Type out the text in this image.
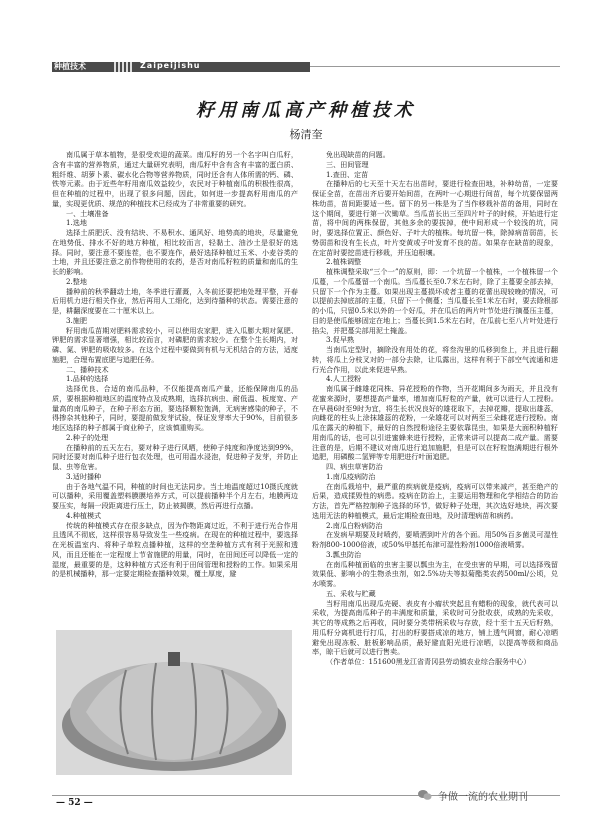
种植技术	Zaipeijishu
籽用南瓜高产种植技术
杨清奎

南瓜属于草本植物，是很受欢迎的蔬菜。南瓜籽的另一个名字叫白瓜籽，含有丰富的营养物质，通过大量研究表明，南瓜籽中含有含有丰富的蛋白质、粗纤维、胡萝卜素、碳水化合物等营养物质，同时还含有人体所需的钙、磷、铁等元素。由于近些年籽用南瓜效益较少，农民对于种植南瓜的积极性很高，但在种植的过程中，出现了很多问题，因此，如何进一步提高籽用南瓜的产量，实现更优质、规范的种植技术已经成为了非常重要的研究。

一、土壤准备

1.选地

选择土质肥沃、没有结块、不易积水、通风好、地势高的地块，尽量避免在地势低、排水不好的地方种植，相比较而言，轻黏土、油沙土是很好的选择。同时，要注意不要连茬，也不要连作，最好选择种植过玉米、小麦谷类的土地，并且还要注意之前作物使用的农药，是否对南瓜籽粒的质量和南瓜的生长的影响。

2.整地

播种前的秋季翻动土地，冬季进行灌溉，入冬前还要把地处理平整，开春后用机力进行相关作业，然后再用人工细化，达到待播种的状态。需要注意的是，耕翻深度要在二十厘米以上。

3.施肥

籽用南瓜苗期对肥料需求较小，可以使用农家肥，进入瓜膨大期对氮肥、钾肥的需求显著增强，相比较而言，对磷肥的需求较少。在整个生长期内，对磷、氮、钾肥的吸收较多。在这个过程中要做到有机与无机结合的方法，适度施肥，合理布置底肥与追肥任务。

二、播种技术

1.品种的选择

选择优良、合适的南瓜品种，不仅能提高南瓜产量，还能保障南瓜的品质，要根据种植地区的温度特点及成熟期，选择抗病虫、耐低温、板度宽、产量高的南瓜种子，在种子形态方面，要选择颗粒饱满，无病害感染的种子，不得掺杂其他种子，同时，要提前做发芽试验，保证发芽率大于90%，目前很多地区选择的种子都属于商业种子，应该慎重购买。

2.种子的处理

在播种前的五天左右，要对种子进行风晒，使种子纯度和净度达到99%，同时还要对南瓜种子进行包衣处理，也可用温水浸泡，促进种子发芽，并防止鼠、虫等危害。

3.适时播种

由于各地气温不同，种植的时间也无法同步。当土地温度超过10摄氏度就可以播种，采用覆盖塑料膜膜培养方式，可以提前播种半个月左右，地膜两边要压实，每隔一段距离进行压土，防止被揭膜，然后再进行点播。

4.种植模式

传统的种植模式存在很多缺点，因为作物距离过近，不利于进行光合作用且透风不彻底，这样很容易导致发生一些疫病。在现在的种植过程中，要选择在光板温室内、将种子单粒点播种植，这样的空垄种植方式有利于光照和透风，而且还能在一定程度上节省施肥的用量，同时，在田间还可以降低一定的湿度，最重要的是，这种种植方式还有利于田间管理和授粉的工作。如果采用的是机械播种，那一定要定期检查播种效果，覆土厚度，避

免出现缺苗的问题。

三、田间管理

1.查田、定苗

在播种后的七天至十天左右出苗时，要进行检查田地，补种幼苗，一定要保证全苗，在苗出齐后要开始间苗，在两叶一心期进行间苗，每个坑要保留两株幼苗，苗间距要适一些。留下的另一株是为了当作移栽补苗的备用，同时在这个期间，要进行第一次锄草。当瓜苗长出三至四片叶子的时候，开始进行定苗，将中间的两株保留，其他多余的要拔掉，使中间形成一个较浅的坑，同时，要选择位置正、颜色好、子叶大的植株。每坑留一株，除掉病苗弱苗，长势弱苗和没有生长点，叶片变黄或子叶发育不良的苗。如果存在缺苗的现象，在定苗时要挖苗进行移栽，并压迫根壤。

2.植株调整

植株调整采取“三个一”的原则，即：一个坑留一个植株，一个植株留一个瓜蔓，一个瓜蔓留一个南瓜。当瓜蔓长至0.7米左右时，除了主蔓要全部去掉，只留下一个作为主蔓。如果出现主蔓损坏或者主蔓的花蕾出现较晚的情况，可以提前去掉底部的主蔓，只留下一个侧蔓；当瓜蔓长至1米左右时，要去除根部的小瓜，只留0.5米以外的一个好瓜，并在瓜后的两片叶节处进行摘蔓压主蔓，目的是使瓜能够固定在地上；当蔓长到1.5米左右时，在瓜前七至八片叶处进行掐尖，并把蔓尖部用泥土掩盖。

3.促早熟

当南瓜定型时，摘除没有用处的花，将叁沟里的瓜移到叁上，并且进行翻转，将瓜上分枝叉对的一部分去除，让瓜露出，这样有利于下部空气流通和进行光合作用，以此来促进早熟。

4.人工授粉

南瓜属于雌雄花同株、异花授粉的作物，当开花期间多为雨天，并且没有花蜜来源时，要想提高产量率，增加南瓜籽粒的产量，就可以进行人工授粉。在早晨6时至9时为宜，将生长状况良好的雄花取下，去掉花瓣，提取出雄蕊，向雌花的柱头上涂抹雄蕊的花粉，一朵雄花可以对两至三朵雌花进行授粉。南瓜在露天的种植下，最好的自然授粉途径主要依靠昆虫，如果是大面积种植籽用南瓜的话，也可以引进蜜蜂来进行授粉，正常来讲可以提高二成产量。需要注意的是，后期不建议对南瓜进行追加施肥，但是可以在籽粒饱满期进行根外追肥，用磷酸二氢钾等专用肥进行叶面追肥。

四、病虫草害防治

1.南瓜疫病防治

在南瓜栽培中，最严重的疾病就是疫病，疫病可以带来减产，甚至绝产的后果，造成揉毁性的病患。疫病在防治上，主要运用物理和化学相结合的防治方法，首先严格控制种子选择的环节，做好种子处理，其次选好地块，再次要选用无法的种植模式，最后定期检查田地，及时清理病苗和病药。

2.南瓜白粉病防治

在发病早期要及时喷药，要喷洒到叶片的各个面。用50%百多菌灵可湿性粉剂800-1000倍液，或50%甲基托布津可湿性粉剂1000倍液喷雾。

3.瓢虫防治

在南瓜种植面临的虫害主要以瓢虫为主，在受虫害的早期，可以选择残留效果低、影响小的生物杀虫剂，如2.5%功夫等拟菊酯类农药500ml/公顷，兑水喷雾。

五、采收与贮藏

当籽用南瓜出现瓜壳硬、表皮有小瘤状突起且有蜡粉的现象，就代表可以采收，为提高南瓜种子的丰满度和质量，采收时可分批收获，成熟的先采收，其它的等成熟之后再收，同时要分类带柄采收与存放，经十至十五天后籽熟，用瓜籽分离机进行打瓜，打出的籽要搭成凉的地方，铺上透气网窗，耐心凉晒避免出现冻板、脏板影响品质，最好避直阳光进行凉晒，以提高等级和商品率，晾干后就可以进行售卖。

（作者单位：151600黑龙江省青冈县劳动镇农业综合服务中心）

— 52 —	争做一流的农业期刊
